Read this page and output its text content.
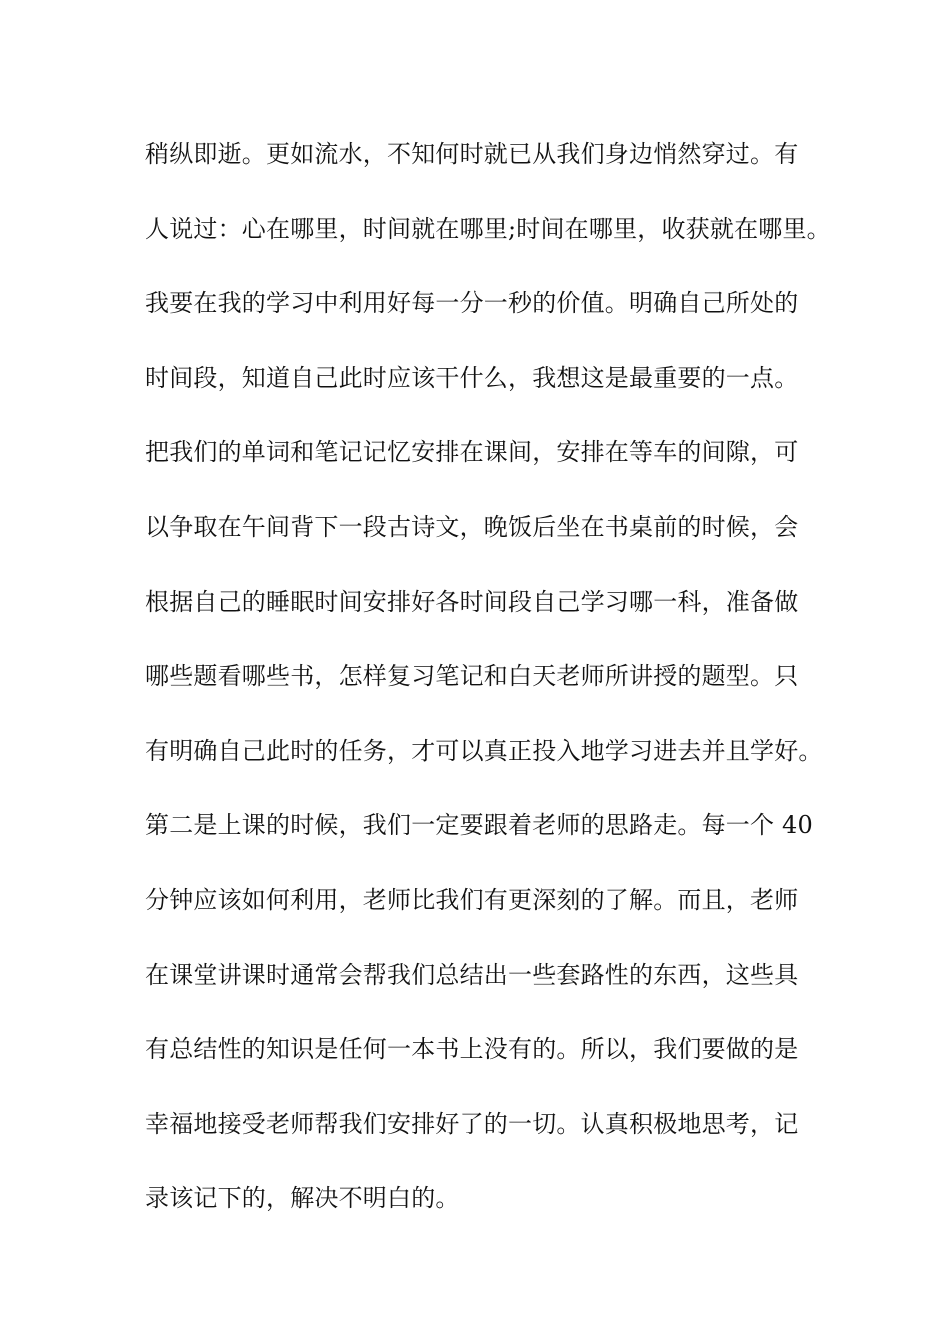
稍纵即逝。更如流水，不知何时就已从我们身边悄然穿过。有
人说过：心在哪里，时间就在哪里;时间在哪里，收获就在哪里。
我要在我的学习中利用好每一分一秒的价值。明确自己所处的
时间段，知道自己此时应该干什么，我想这是最重要的一点。
把我们的单词和笔记记忆安排在课间，安排在等车的间隙，可
以争取在午间背下一段古诗文，晚饭后坐在书桌前的时候，会
根据自己的睡眠时间安排好各时间段自己学习哪一科，准备做
哪些题看哪些书，怎样复习笔记和白天老师所讲授的题型。只
有明确自己此时的任务，才可以真正投入地学习进去并且学好。
第二是上课的时候，我们一定要跟着老师的思路走。每一个 40
分钟应该如何利用，老师比我们有更深刻的了解。而且，老师
在课堂讲课时通常会帮我们总结出一些套路性的东西，这些具
有总结性的知识是任何一本书上没有的。所以，我们要做的是
幸福地接受老师帮我们安排好了的一切。认真积极地思考，记
录该记下的，解决不明白的。
